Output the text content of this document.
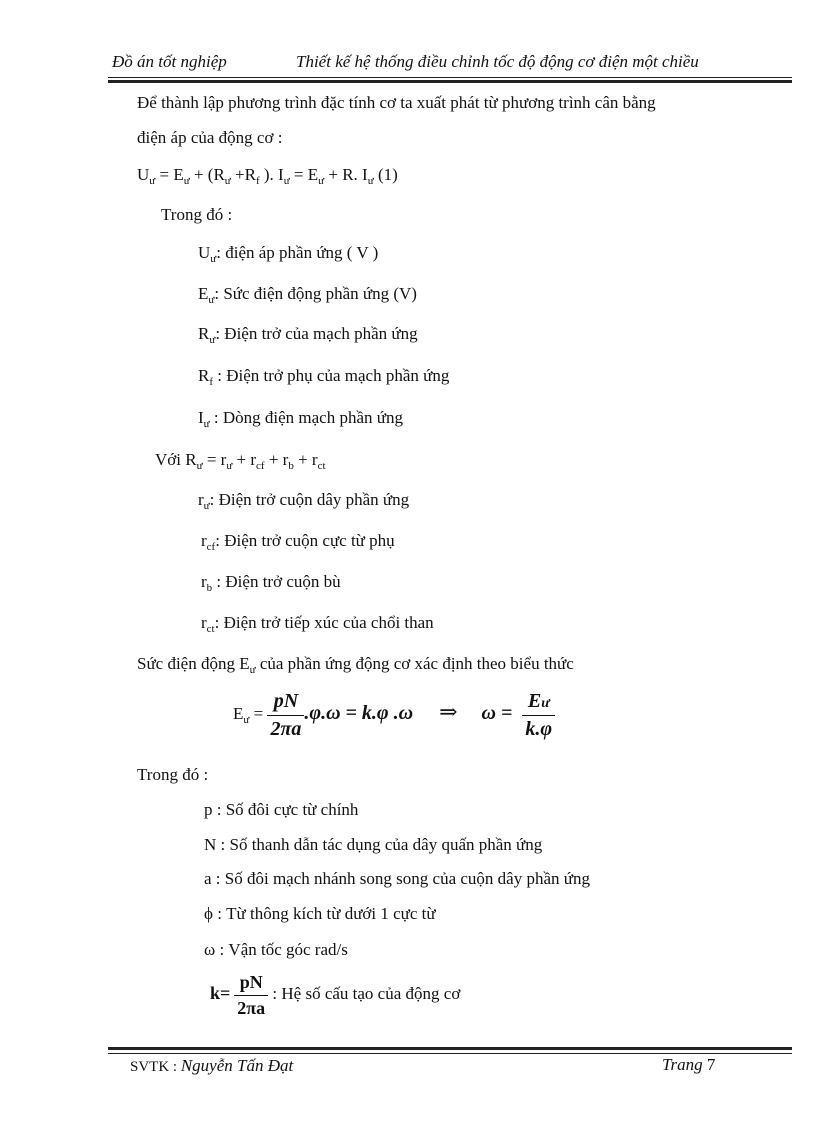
Đồ án tốt nghiệp	Thiết kế hệ thống điều chỉnh tốc độ động cơ điện một chiều
Để thành lập phương trình đặc tính cơ ta xuất phát từ phương trình cân bằng
điện áp của động cơ :
$U_ư = E_ư + (R_ư +R_f$ ). $I_ư = E_ư + R$. $I_ư$ (1)
Trong đó :
$U_ư$: điện áp phần ứng ( V )
$E_ư$: Sức điện động phần ứng (V)
$R_ư$: Điện trở của mạch phần ứng
$R_f$ : Điện trở phụ của mạch phần ứng
$I_ư$ : Dòng điện mạch phần ứng
Với $R_ư = r_ư + r_{cf} + r_b + r_{ct}$
$r_ư$: Điện trở cuộn dây phần ứng
$r_{cf}$: Điện trở cuộn cực từ phụ
$r_b$ : Điện trở cuộn bù
$r_{ct}$: Điện trở tiếp xúc của chổi than
Sức điện động $E_ư$ của phần ứng động cơ xác định theo biểu thức
$E_ư = \frac{pN}{2\pi a} .\varphi.\omega = k.\varphi$ .ω ⇒ $\omega = \frac{Eư}{k.\varphi}$
Trong đó :
p : Số đôi cực từ chính
N : Số thanh dẫn tác dụng của dây quấn phần ứng
a : Số đôi mạch nhánh song song của cuộn dây phần ứng
ϕ : Từ thông kích từ dưới 1 cực từ
ω : Vận tốc góc rad/s
$k= \frac{pN}{2\pi a}$ : Hệ số cấu tạo của động cơ
SVTK : Nguyễn Tấn Đạt	Trang 7
